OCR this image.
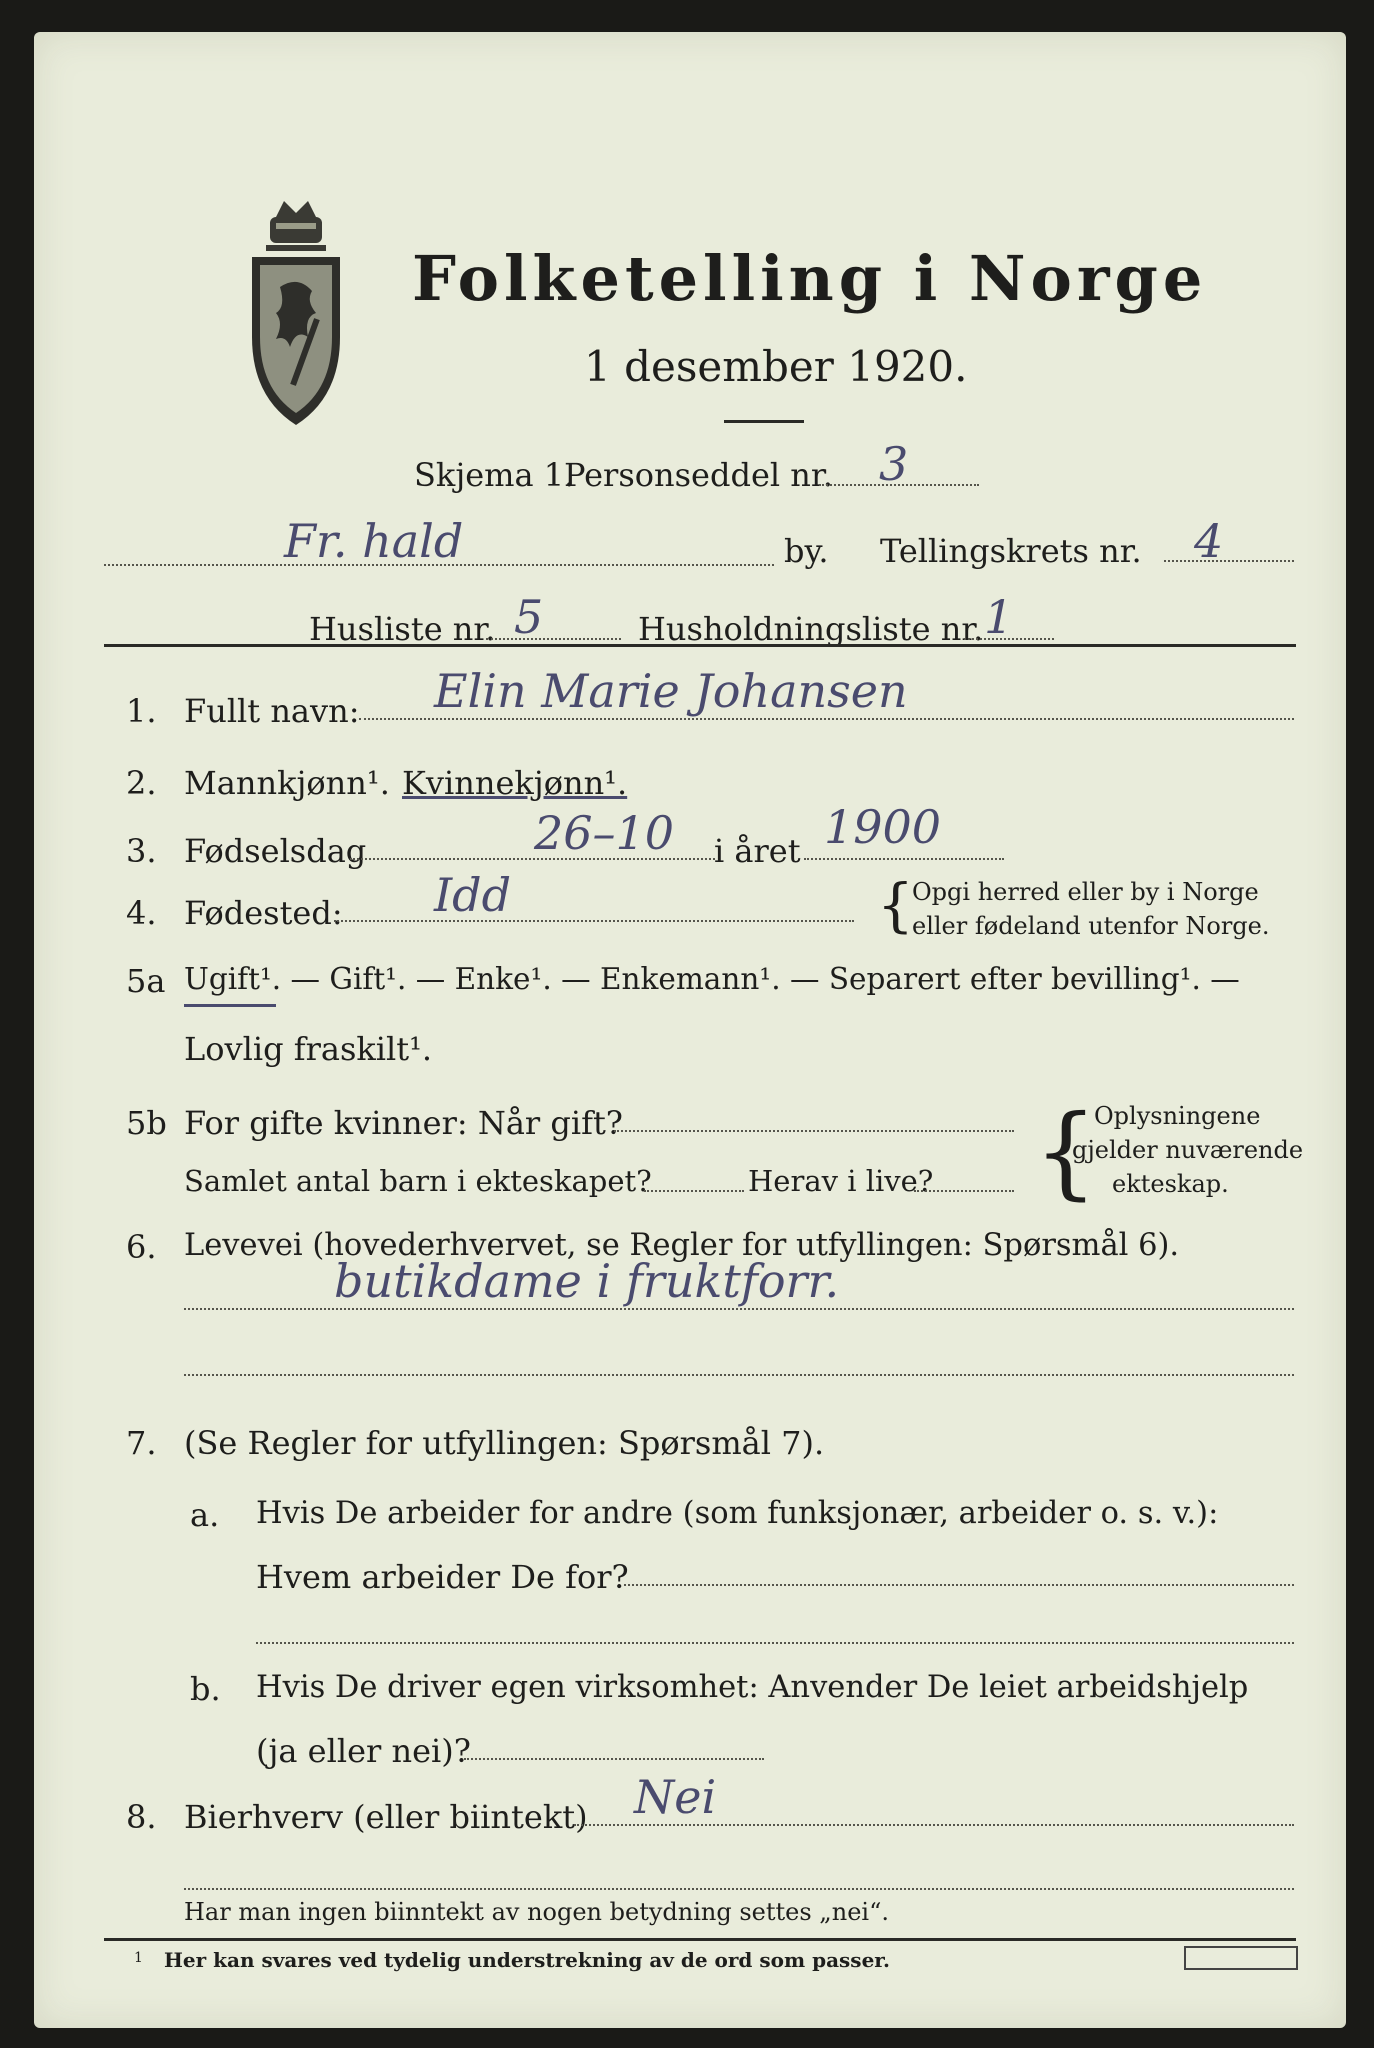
Folketelling i Norge
1 desember 1920.
Skjema 1.
Personseddel nr. 3
Fr. hald	by. Tellingskrets nr. 4
Husliste nr. 5	Husholdningsliste nr. 1
1. Fullt navn: Elin Marie Johansen
2. Mannkjønn¹. Kvinnekjønn¹.
3. Fødselsdag	26–10 i året 1900
4. Fødested: Idd	{
Opgi herred eller by i Norge
eller fødeland utenfor Norge.
5a Ugift¹. — Gift¹. — Enke¹. — Enkemann¹. — Separert efter bevilling¹. —
Lovlig fraskilt¹.
5b For gifte kvinner: Når gift?
Samlet antal barn i ekteskapet?	Herav i live? {
Oplysningene
gjelder nuværende
ekteskap.
6. Levevei (hovederhvervet, se Regler for utfyllingen: Spørsmål 6).
butikdame i fruktforr.
7. (Se Regler for utfyllingen: Spørsmål 7).
a. Hvis De arbeider for andre (som funksjonær, arbeider o. s. v.):
Hvem arbeider De for?
b. Hvis De driver egen virksomhet: Anvender De leiet arbeidshjelp
(ja eller nei)?
8. Bierhverv (eller biintekt) Nei
Har man ingen biinntekt av nogen betydning settes „nei“.
1 Her kan svares ved tydelig understrekning av de ord som passer.
